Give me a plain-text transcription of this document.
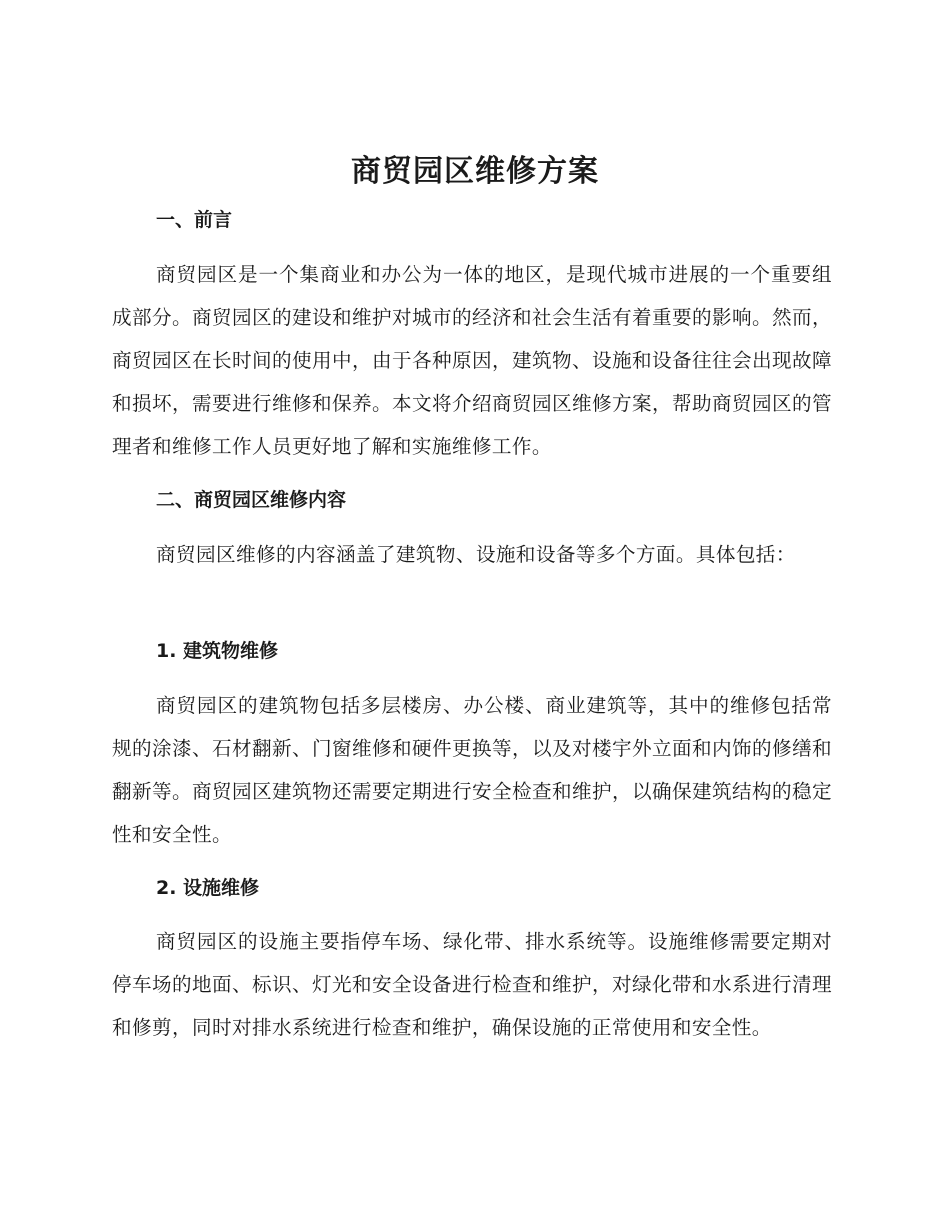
商贸园区维修方案
一、前言
商贸园区是一个集商业和办公为一体的地区，是现代城市进展的一个重要组成部分。商贸园区的建设和维护对城市的经济和社会生活有着重要的影响。然而，商贸园区在长时间的使用中，由于各种原因，建筑物、设施和设备往往会出现故障和损坏，需要进行维修和保养。本文将介绍商贸园区维修方案，帮助商贸园区的管理者和维修工作人员更好地了解和实施维修工作。
二、商贸园区维修内容
商贸园区维修的内容涵盖了建筑物、设施和设备等多个方面。具体包括：
1. 建筑物维修
商贸园区的建筑物包括多层楼房、办公楼、商业建筑等，其中的维修包括常规的涂漆、石材翻新、门窗维修和硬件更换等，以及对楼宇外立面和内饰的修缮和翻新等。商贸园区建筑物还需要定期进行安全检查和维护，以确保建筑结构的稳定性和安全性。
2. 设施维修
商贸园区的设施主要指停车场、绿化带、排水系统等。设施维修需要定期对停车场的地面、标识、灯光和安全设备进行检查和维护，对绿化带和水系进行清理和修剪，同时对排水系统进行检查和维护，确保设施的正常使用和安全性。
